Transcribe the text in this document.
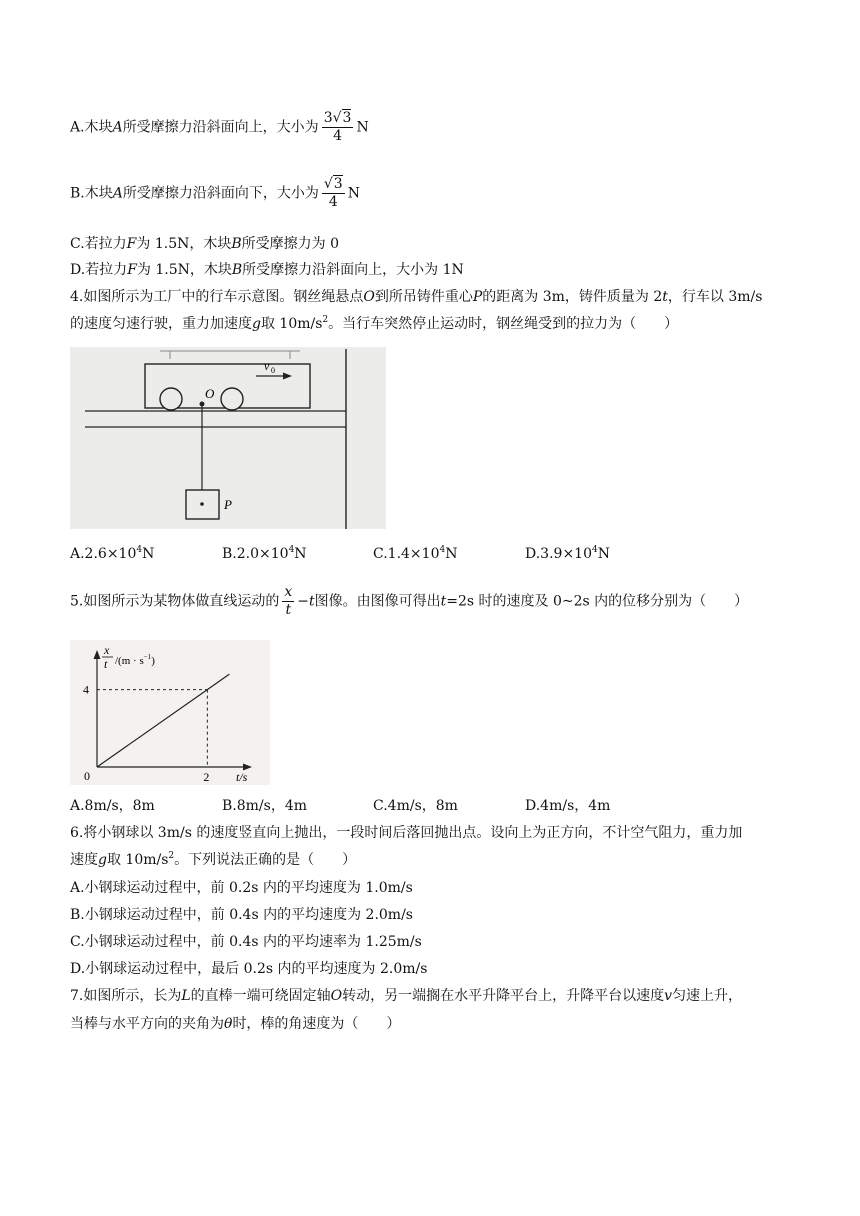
A.木块A所受摩擦力沿斜面向上，大小为 $\frac{3√3}{4}$ N
B.木块A所受摩擦力沿斜面向下，大小为 $\frac{√3}{4}$ N
C.若拉力F为 1.5N，木块B所受摩擦力为 0
D.若拉力F为 1.5N，木块B所受摩擦力沿斜面向上，大小为 1N
4.如图所示为工厂中的行车示意图。钢丝绳悬点O到所吊铸件重心P的距离为 3m，铸件质量为 2t，行车以 3m/s
的速度匀速行驶，重力加速度g取 $10m/s^2$。当行车突然停止运动时，钢丝绳受到的拉力为（　　）
O
P
v 0
$A.2.6\times 10^4N$	$B.2.0\times 10^4N$	$C.1.4\times 10^4N$	$D.3.9\times 10^4N$
5.如图所示为某物体做直线运动的 $\frac{x}{t} -t$图像。由图像可得出t=2s 时的速度及 0~2s 内的位移分别为（　　）
x
t $/(m \cdot s^{-1})$
0	t/s
2
4
A.8m/s，8m	B.8m/s，4m	C.4m/s，8m	D.4m/s，4m
6.将小钢球以 3m/s 的速度竖直向上抛出，一段时间后落回抛出点。设向上为正方向，不计空气阻力，重力加
速度g取 $10m/s^2$。下列说法正确的是（　　）
A.小钢球运动过程中，前 0.2s 内的平均速度为 1.0m/s
B.小钢球运动过程中，前 0.4s 内的平均速度为 2.0m/s
C.小钢球运动过程中，前 0.4s 内的平均速率为 1.25m/s
D.小钢球运动过程中，最后 0.2s 内的平均速度为 2.0m/s
7.如图所示，长为L的直棒一端可绕固定轴O转动，另一端搁在水平升降平台上，升降平台以速度v匀速上升，
当棒与水平方向的夹角为θ时，棒的角速度为（　　）
